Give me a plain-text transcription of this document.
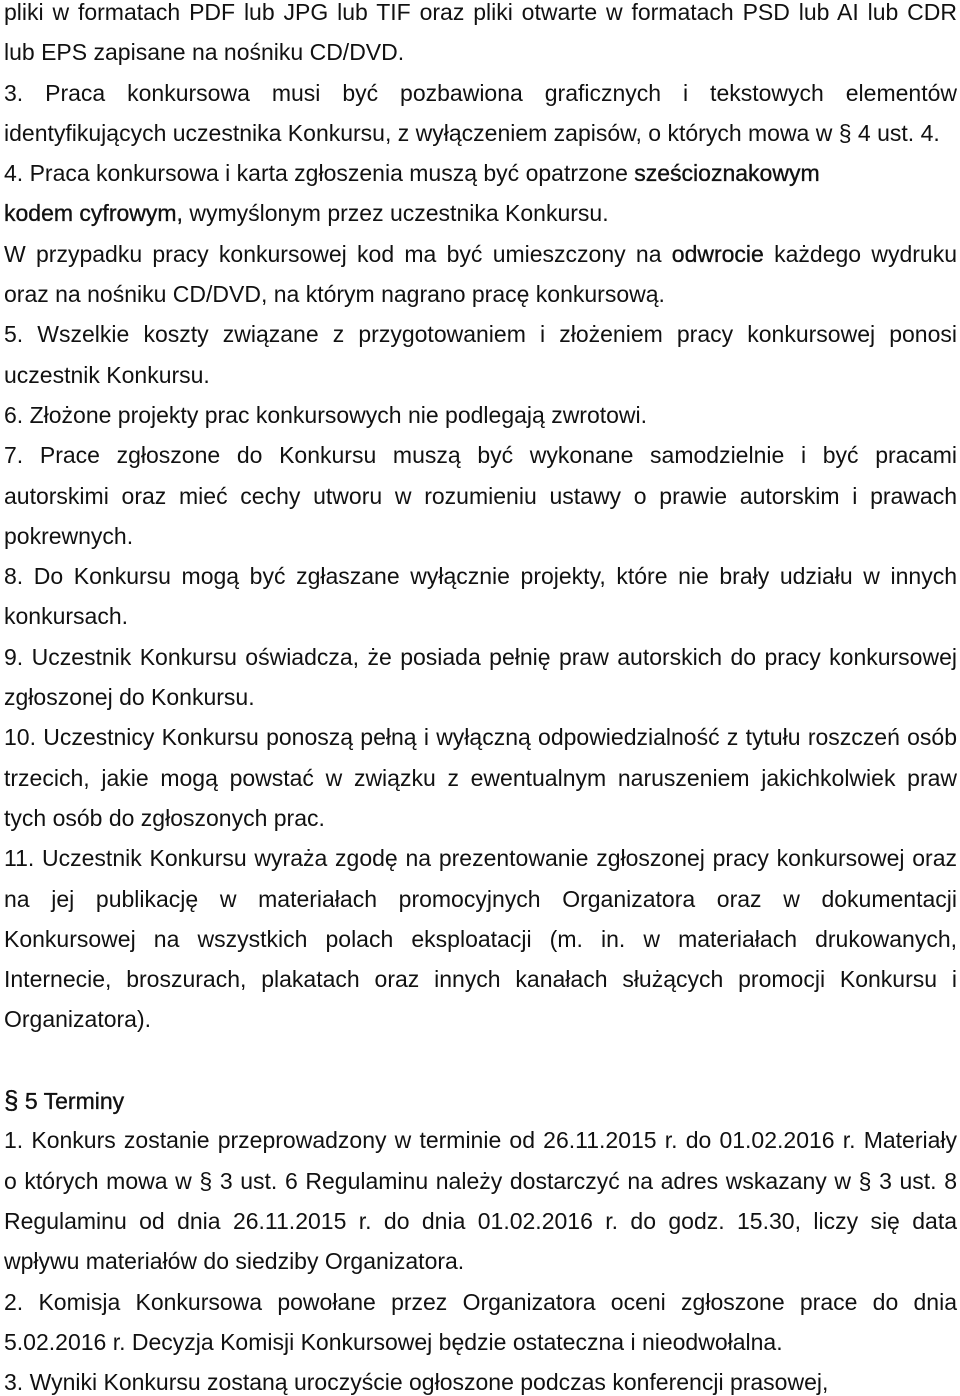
pliki w formatach PDF lub JPG lub TIF oraz pliki otwarte w formatach PSD lub AI lub CDR
lub EPS zapisane na nośniku CD/DVD.
3. Praca konkursowa musi być pozbawiona graficznych i tekstowych elementów
identyfikujących uczestnika Konkursu, z wyłączeniem zapisów, o których mowa w § 4 ust. 4.
4. Praca konkursowa i karta zgłoszenia muszą być opatrzone sześcioznakowym
kodem cyfrowym, wymyślonym przez uczestnika Konkursu.
W przypadku pracy konkursowej kod ma być umieszczony na odwrocie każdego wydruku
oraz na nośniku CD/DVD, na którym nagrano pracę konkursową.
5. Wszelkie koszty związane z przygotowaniem i złożeniem pracy konkursowej ponosi
uczestnik Konkursu.
6. Złożone projekty prac konkursowych nie podlegają zwrotowi.
7. Prace zgłoszone do Konkursu muszą być wykonane samodzielnie i być pracami
autorskimi oraz mieć cechy utworu w rozumieniu ustawy o prawie autorskim i prawach
pokrewnych.
8. Do Konkursu mogą być zgłaszane wyłącznie projekty, które nie brały udziału w innych
konkursach.
9. Uczestnik Konkursu oświadcza, że posiada pełnię praw autorskich do pracy konkursowej
zgłoszonej do Konkursu.
10. Uczestnicy Konkursu ponoszą pełną i wyłączną odpowiedzialność z tytułu roszczeń osób
trzecich, jakie mogą powstać w związku z ewentualnym naruszeniem jakichkolwiek praw
tych osób do zgłoszonych prac.
11. Uczestnik Konkursu wyraża zgodę na prezentowanie zgłoszonej pracy konkursowej oraz
na jej publikację w materiałach promocyjnych Organizatora oraz w dokumentacji
Konkursowej na wszystkich polach eksploatacji (m. in. w materiałach drukowanych,
Internecie, broszurach, plakatach oraz innych kanałach służących promocji Konkursu i
Organizatora).
§ 5 Terminy
1. Konkurs zostanie przeprowadzony w terminie od 26.11.2015 r. do 01.02.2016 r. Materiały
o których mowa w § 3 ust. 6 Regulaminu należy dostarczyć na adres wskazany w § 3 ust. 8
Regulaminu od dnia 26.11.2015 r. do dnia 01.02.2016 r. do godz. 15.30, liczy się data
wpływu materiałów do siedziby Organizatora.
2. Komisja Konkursowa powołane przez Organizatora oceni zgłoszone prace do dnia
5.02.2016 r. Decyzja Komisji Konkursowej będzie ostateczna i nieodwołalna.
3. Wyniki Konkursu zostaną uroczyście ogłoszone podczas konferencji prasowej,
